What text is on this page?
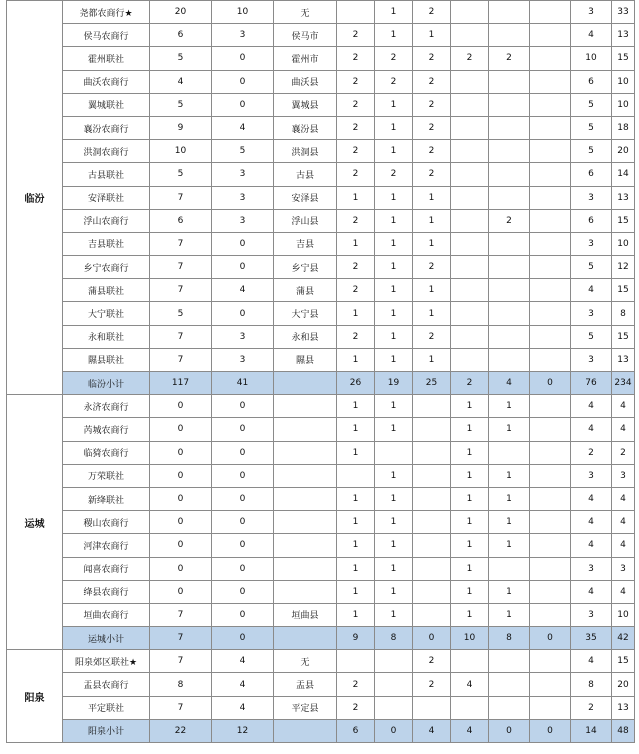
临汾	尧都农商行★	20	10	无		1	2				3	33
	侯马农商行	6	3	侯马市	2	1	1				4	13
	霍州联社	5	0	霍州市	2	2	2	2	2		10	15
	曲沃农商行	4	0	曲沃县	2	2	2				6	10
	翼城联社	5	0	翼城县	2	1	2				5	10
	襄汾农商行	9	4	襄汾县	2	1	2				5	18
	洪洞农商行	10	5	洪洞县	2	1	2				5	20
	古县联社	5	3	古县	2	2	2				6	14
	安泽联社	7	3	安泽县	1	1	1				3	13
	浮山农商行	6	3	浮山县	2	1	1		2		6	15
	吉县联社	7	0	吉县	1	1	1				3	10
	乡宁农商行	7	0	乡宁县	2	1	2				5	12
	蒲县联社	7	4	蒲县	2	1	1				4	15
	大宁联社	5	0	大宁县	1	1	1				3	8
	永和联社	7	3	永和县	2	1	2				5	15
	隰县联社	7	3	隰县	1	1	1				3	13
	临汾小计	117	41		26	19	25	2	4	0	76	234
运城	永济农商行	0	0		1	1		1	1		4	4
	芮城农商行	0	0		1	1		1	1		4	4
	临猗农商行	0	0		1			1			2	2
	万荣联社	0	0			1		1	1		3	3
	新绛联社	0	0		1	1		1	1		4	4
	稷山农商行	0	0		1	1		1	1		4	4
	河津农商行	0	0		1	1		1	1		4	4
	闻喜农商行	0	0		1	1		1			3	3
	绛县农商行	0	0		1	1		1	1		4	4
	垣曲农商行	7	0	垣曲县	1	1		1	1		3	10
	运城小计	7	0		9	8	0	10	8	0	35	42
阳泉	阳泉郊区联社★	7	4	无			2				4	15
	盂县农商行	8	4	盂县	2		2	4			8	20
	平定联社	7	4	平定县	2						2	13
	阳泉小计	22	12		6	0	4	4	0	0	14	48
